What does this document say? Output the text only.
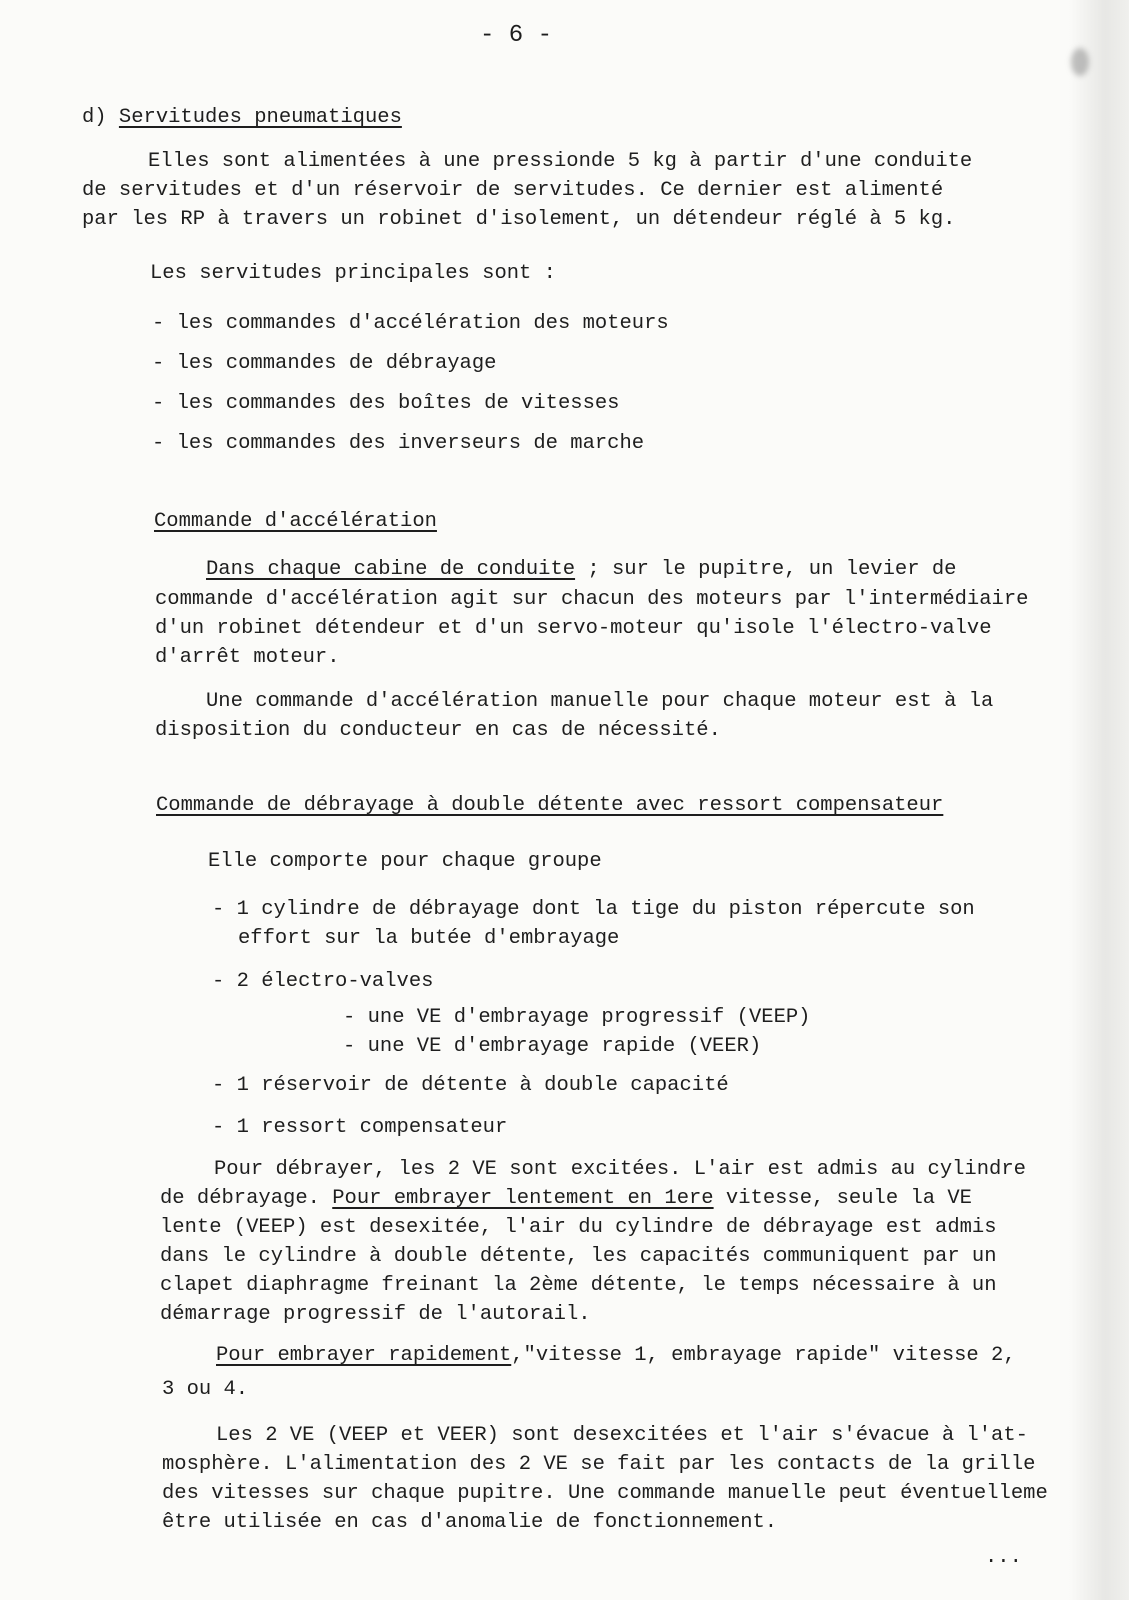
- 6 -
d) Servitudes pneumatiques
Elles sont alimentées à une pressionde 5 kg à partir d'une conduite
de servitudes et d'un réservoir de servitudes. Ce dernier est alimenté
par les RP à travers un robinet d'isolement, un détendeur réglé à 5 kg.
Les servitudes principales sont :
- les commandes d'accélération des moteurs
- les commandes de débrayage
- les commandes des boîtes de vitesses
- les commandes des inverseurs de marche
Commande d'accélération
Dans chaque cabine de conduite ; sur le pupitre, un levier de
commande d'accélération agit sur chacun des moteurs par l'intermédiaire
d'un robinet détendeur et d'un servo-moteur qu'isole l'électro-valve
d'arrêt moteur.
Une commande d'accélération manuelle pour chaque moteur est à la
disposition du conducteur en cas de nécessité.
Commande de débrayage à double détente avec ressort compensateur
Elle comporte pour chaque groupe
- 1 cylindre de débrayage dont la tige du piston répercute son
effort sur la butée d'embrayage
- 2 électro-valves
- une VE d'embrayage progressif (VEEP)
- une VE d'embrayage rapide (VEER)
- 1 réservoir de détente à double capacité
- 1 ressort compensateur
Pour débrayer, les 2 VE sont excitées. L'air est admis au cylindre
de débrayage. Pour embrayer lentement en 1ere vitesse, seule la VE
lente (VEEP) est desexitée, l'air du cylindre de débrayage est admis
dans le cylindre à double détente, les capacités communiquent par un
clapet diaphragme freinant la 2ème détente, le temps nécessaire à un
démarrage progressif de l'autorail.
Pour embrayer rapidement,"vitesse 1, embrayage rapide" vitesse 2,
3 ou 4.
Les 2 VE (VEEP et VEER) sont desexcitées et l'air s'évacue à l'at-
mosphère. L'alimentation des 2 VE se fait par les contacts de la grille
des vitesses sur chaque pupitre. Une commande manuelle peut éventuelleme
être utilisée en cas d'anomalie de fonctionnement.
...
